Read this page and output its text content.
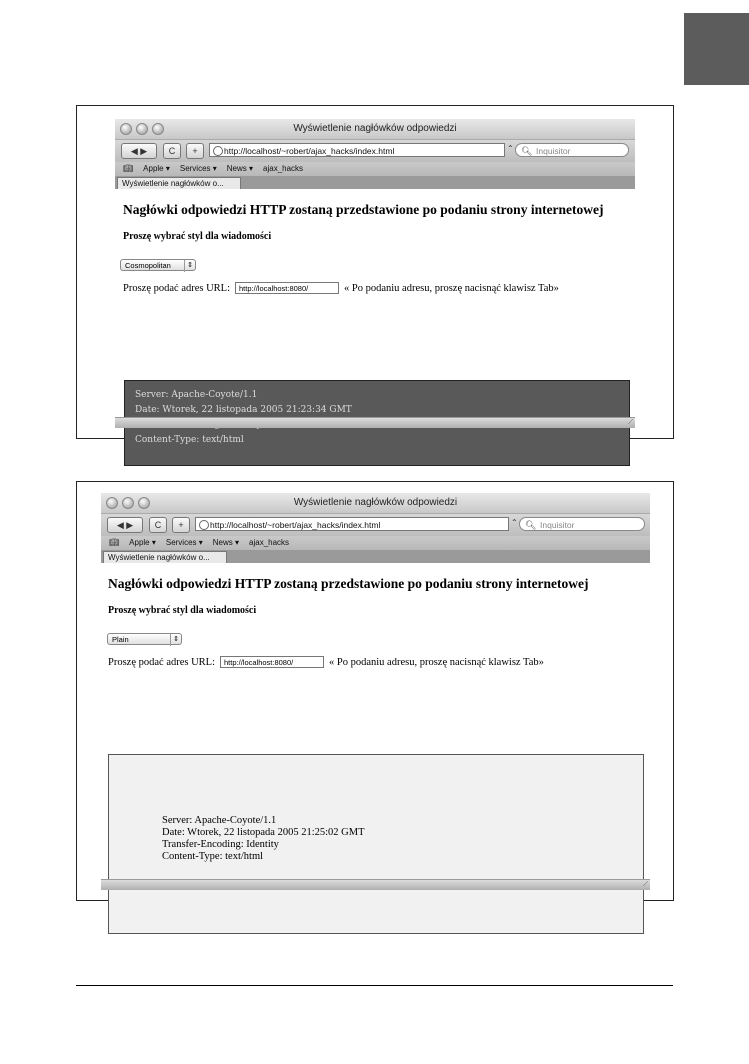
Wyświetlenie nagłówków odpowiedzi
◀ ▶	C	+	http://localhost/~robert/ajax_hacks/index.html	⌃ 🔍︎ Inquisitor
📖︎ Apple ▾ Services ▾ News ▾ ajax_hacks
Wyświetlenie nagłówków o...
Nagłówki odpowiedzi HTTP zostaną przedstawione po podaniu strony internetowej
Proszę wybrać styl dla wiadomości
Cosmopolitan	⇕
Proszę podać adres URL:	http://localhost:8080/	« Po podaniu adresu, proszę nacisnąć klawisz Tab»
Server: Apache-Coyote/1.1
Date: Wtorek, 22 listopada 2005 21:23:34 GMT
Content-Type: text/html
⟋
Wyświetlenie nagłówków odpowiedzi
◀ ▶	C	+	http://localhost/~robert/ajax_hacks/index.html	⌃ 🔍︎ Inquisitor
📖︎ Apple ▾ Services ▾ News ▾ ajax_hacks
Wyświetlenie nagłówków o...
Nagłówki odpowiedzi HTTP zostaną przedstawione po podaniu strony internetowej
Proszę wybrać styl dla wiadomości
Plain	⇕
Proszę podać adres URL:	http://localhost:8080/	« Po podaniu adresu, proszę nacisnąć klawisz Tab»
Server: Apache-Coyote/1.1
Date: Wtorek, 22 listopada 2005 21:25:02 GMT
Transfer-Encoding: Identity
Content-Type: text/html
⟋
